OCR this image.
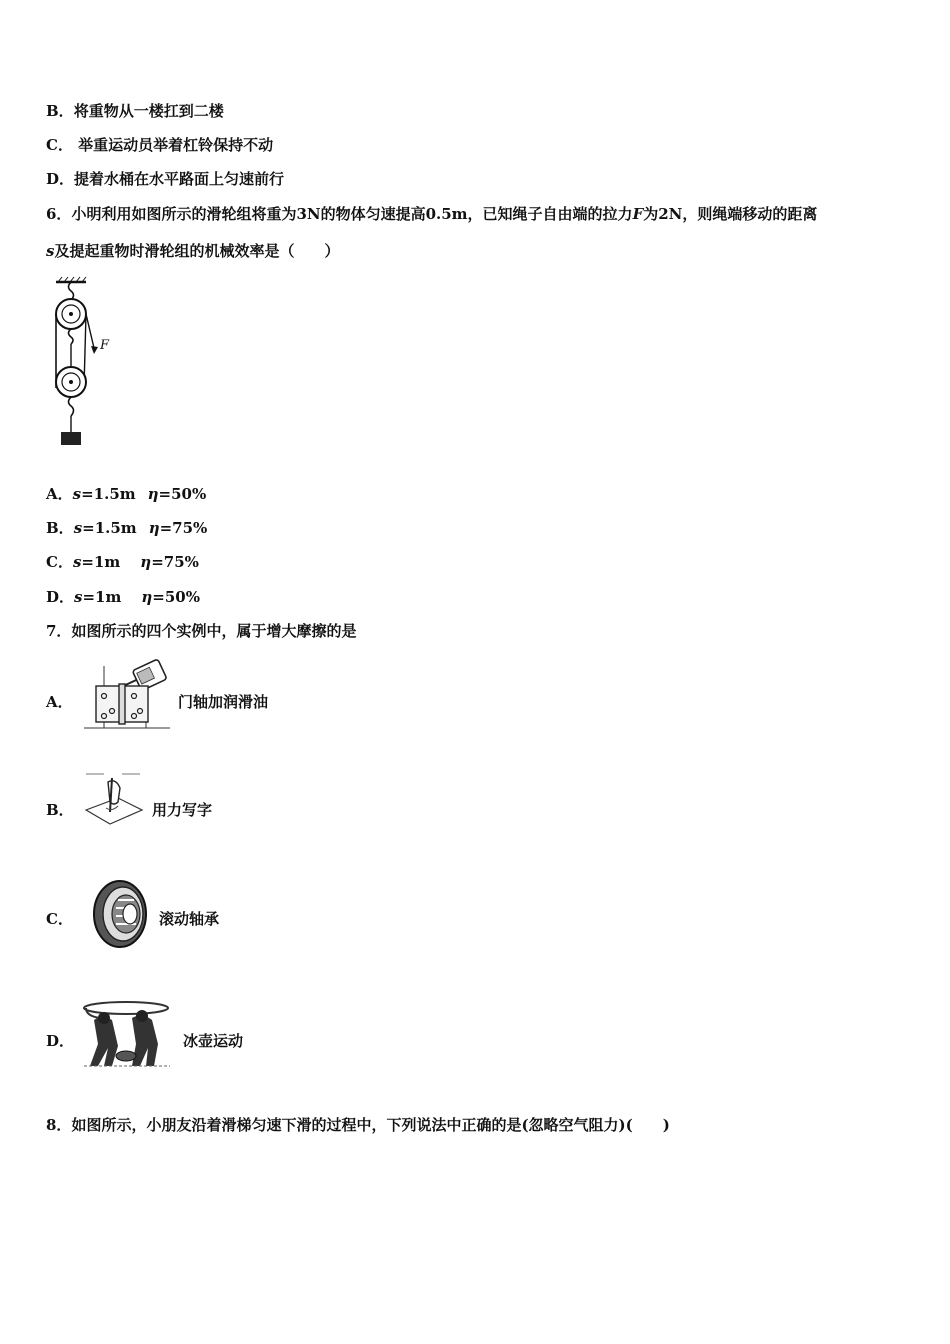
B．将重物从一楼扛到二楼
C． 举重运动员举着杠铃保持不动
D．提着水桶在水平路面上匀速前行
6．小明利用如图所示的滑轮组将重为3N的物体匀速提高0.5m，已知绳子自由端的拉力F为2N，则绳端移动的距离
s及提起重物时滑轮组的机械效率是（　　）
F
A．s=1.5m η=50%
B．s=1.5m η=75%
C．s=1m η=75%
D．s=1m η=50%
7．如图所示的四个实例中，属于增大摩擦的是
A．	门轴加润滑油
B．	用力写字
C．	滚动轴承
D．	冰壶运动
8．如图所示，小朋友沿着滑梯匀速下滑的过程中，下列说法中正确的是(忽略空气阻力)(　　)
